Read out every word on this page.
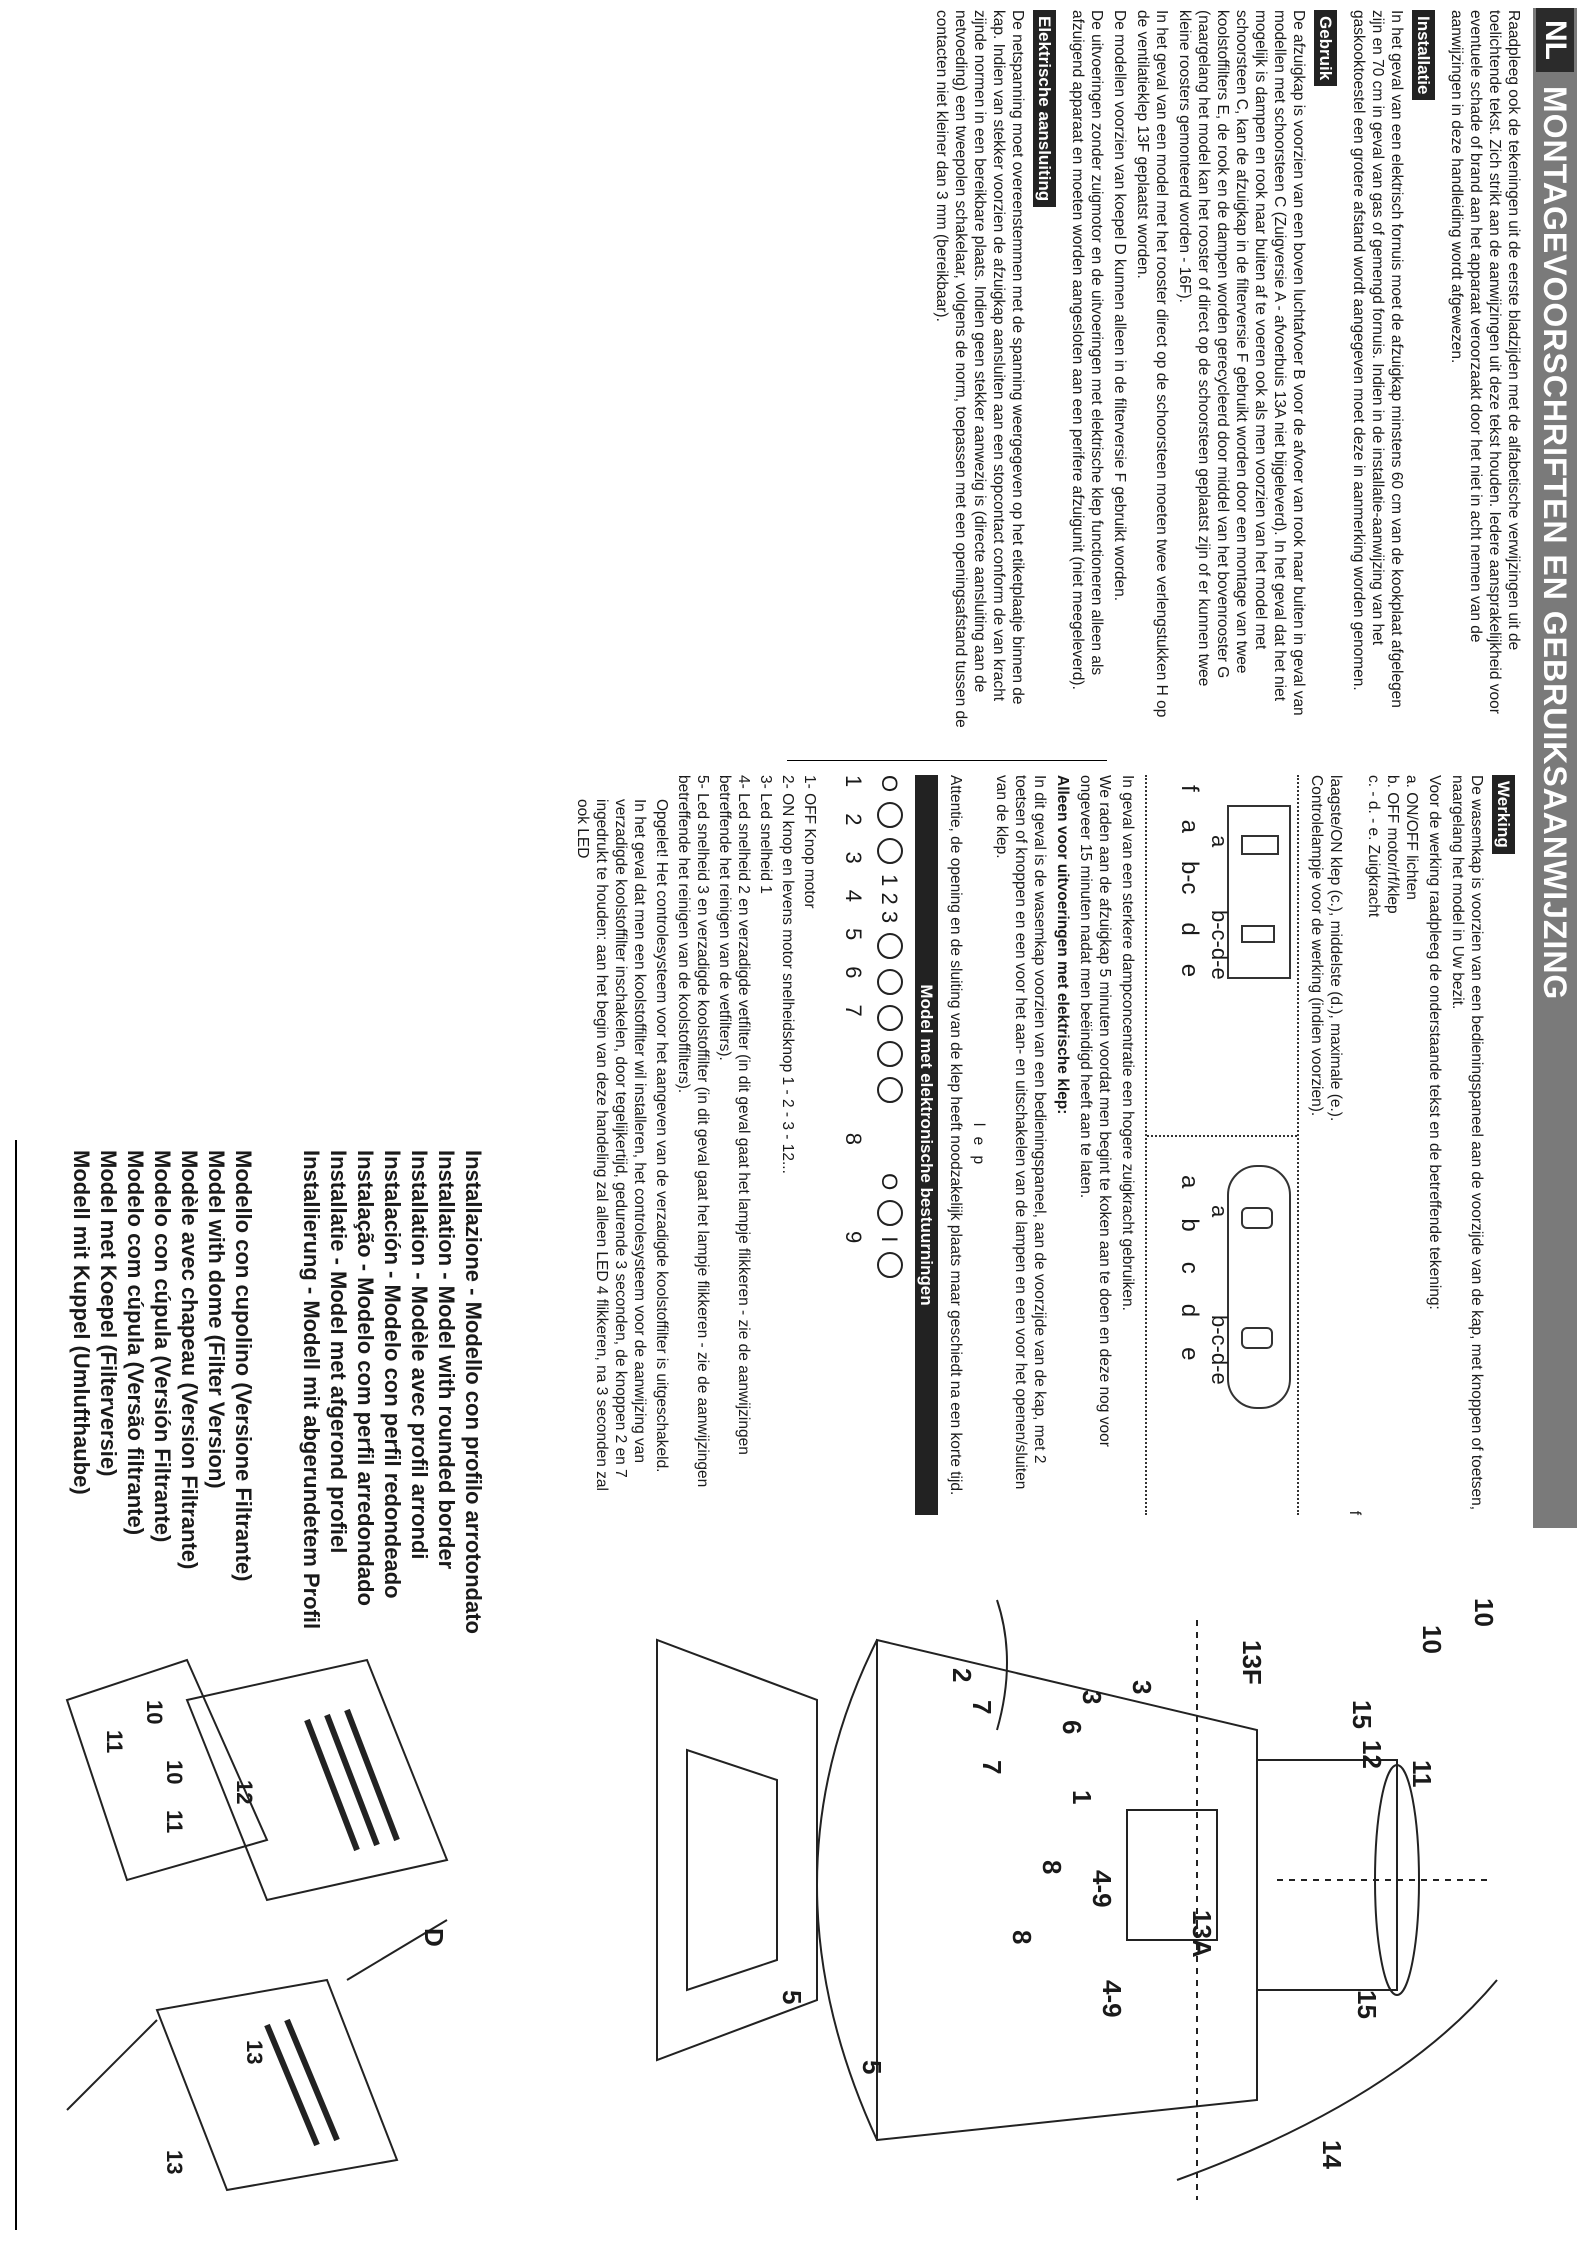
NL
MONTAGEVOORSCHRIFTEN EN GEBRUIKSAANWIJZING

Raadpleeg ook de tekeningen uit de eerste bladzijden met de alfabetische verwijzingen uit de toelichtende tekst. Zich strikt aan de aanwijzingen uit deze tekst houden. Iedere aansprakelijkheid voor eventuele schade of brand aan het apparaat veroorzaakt door het niet in acht nemen van de aanwijzingen in deze handleiding wordt afgewezen.

Installatie

In het geval van een elektrisch fornuis moet de afzuigkap minstens 60 cm van de kookplaat afgelegen zijn en 70 cm in geval van gas of gemengd fornuis. Indien in de installatie-aanwijzing van het gaskooktoestel een grotere afstand wordt aangegeven moet deze in aanmerking worden genomen.

Gebruik

De afzuigkap is voorzien van een boven luchtafvoer B voor de afvoer van rook naar buiten in geval van modellen met schoorsteen C (Zuigversie A - afvoerbuis 13A niet bijgeleverd). In het geval dat het niet mogelijk is dampen en rook naar buiten af te voeren ook als men voorzien van het model met schoorsteen C, kan de afzuigkap in de filterversie F gebruikt worden door een montage van twee koolstoffilters E, de rook en de dampen worden gerecycleerd door middel van het bovenrooster G (naargelang het model kan het rooster of direct op de schoorsteen geplaatst zijn of er kunnen twee kleine roosters gemonteerd worden - 16F).

In het geval van een model met het rooster direct op de schoorsteen moeten twee verlengstukken H op de ventilatieklep 13F geplaatst worden.

De modellen voorzien van koepel D kunnen alleen in de filterversie F gebruikt worden.

De uitvoeringen zonder zuigmotor en de uitvoeringen met elektrische klep functioneren alleen als afzuigend apparaat en moeten worden aangesloten aan een perifere afzuigunit (niet meegeleverd).

Elektrische aansluiting

De netspanning moet overeenstemmen met de spanning weergegeven op het etiketplaatje binnen de kap. Indien van stekker voorzien de afzuigkap aansluiten aan een stopcontact conform de van kracht zijnde normen in een bereikbare plaats. Indien geen stekker aanwezig is (directe aansluiting aan de netvoeding) een tweepolen schakelaar, volgens de norm, toepassen met een openingsafstand tussen de contacten niet kleiner dan 3 mm (bereikbaar).

Werking

De wasemkap is voorzien van een bedieningspaneel aan de voorzijde van de kap, met knoppen of toetsen, naargelang het model in Uw bezit.

Voor de werking raadpleeg de onderstaande tekst en de betreffende tekening:

a. ON/OFF lichten
b. OFF motor/rf/klep
c. - d. - e. Zuigkracht
f
laagste/ON klep (c.), middelste (d.), maximale (e.).
Controlelampje voor de werking (indien voorzien).
a
b-c-d-e
a
b-c-d-e
f
a
b-c
d
e
a
b
c
d
e

In geval van een sterkere dampconcentratie een hogere zuigkracht gebruiken.

We raden aan de afzuigkap 5 minuten voordat men begint te koken aan te doen en deze nog voor ongeveer 15 minuten nadat men beëindigd heeft aan te laten.

Alleen voor uitvoeringen met elektrische klep:

In dit geval is de wasemkap voorzien van een bedieningspaneel, aan de voorzijde van de kap, met 2 toetsen of knoppen en een voor het aan- en uitschakelen van de lampen en een voor het openen/sluiten van de klep.

l e p

Attentie, de opening en de sluiting van de klep heeft noodzakelijk plaats maar geschiedt na een korte tijd.

Model met elektronische bestuurningen
O
1 2 3
O
I
1
2
3
4
5
6
7
8
9
1- OFF Knop motor
2- ON knop en levens motor snelheidsknop 1 - 2 - 3 - 12...
3- Led snelheid 1
4- Led snelheid 2 en verzadigde vetfilter (in dit geval gaat het lampje flikkeren - zie de aanwijzingen betreffende het reinigen van de vetfilters).
5- Led snelheid 3 en verzadigde koolstoffilter (in dit geval gaat het lampje flikkeren - zie de aanwijzingen betreffende het reinigen van de koolstoffilters).
Opgelet! Het controlesysteem voor het aangeven van de verzadigde koolstoffilter is uitgeschakeld.
In het geval dat men een koolstoffilter wil installeren, het controlesysteem voor de aanwijzing van verzadigde koolstoffilter inschakelen, door tegelijkertijd, gedurende 3 seconden, de knoppen 2 en 7 ingedrukt te houden: aan het begin van deze handeling zal alleen LED 4 flikkeren, na 3 seconden zal ook LED
Installazione - Modello con profilo arrotondato
Installation - Model with rounded border
Installation - Modèle avec profil arrondi
Instalación - Modelo con perfil redondeado
Instalação - Modelo com perfil arredondado
Installatie - Model met afgerond profiel
Installierung - Modell mit abgerundetem Profil
Modello con cupolino (Versione Filtrante)
Model with dome (Filter Version)
Modèle avec chapeau (Version Filtrante)
Modelo con cúpula (Versión Filtrante)
Modelo com cúpula (Versão filtrante)
Model met Koepel (Filterversie)
Modell mit Kuppel (Umlufthaube)
10
10
11
12
13F
15
15
3
3
2
7
7
6
1
13A
8
8
4-9
4-9
5
5
14
D
10
10
11
11
12
13
13
